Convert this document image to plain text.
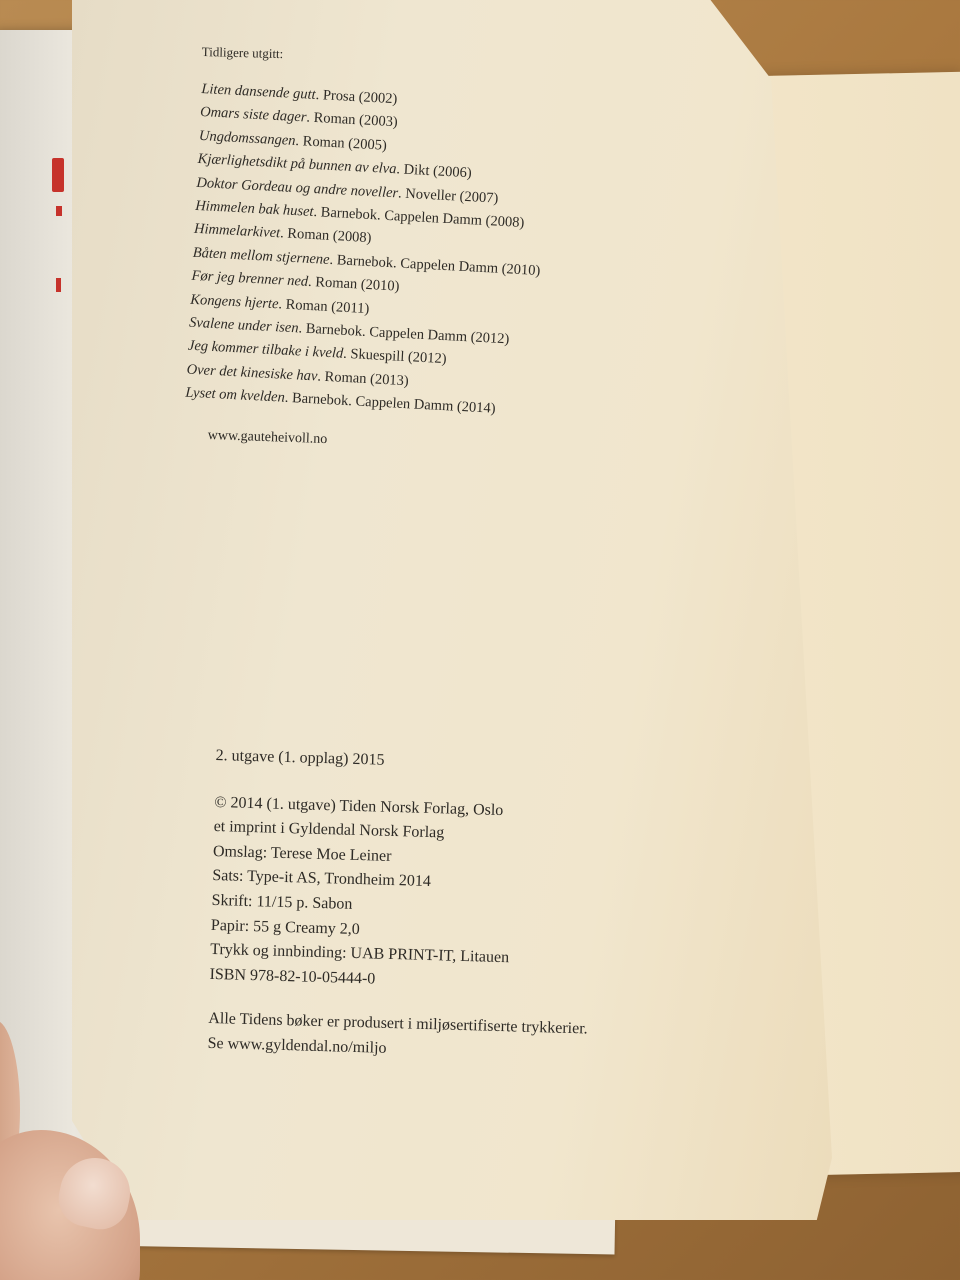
Tidligere utgitt:
Liten dansende gutt. Prosa (2002)
Omars siste dager. Roman (2003)
Ungdomssangen. Roman (2005)
Kjærlighetsdikt på bunnen av elva. Dikt (2006)
Doktor Gordeau og andre noveller. Noveller (2007)
Himmelen bak huset. Barnebok. Cappelen Damm (2008)
Himmelarkivet. Roman (2008)
Båten mellom stjernene. Barnebok. Cappelen Damm (2010)
Før jeg brenner ned. Roman (2010)
Kongens hjerte. Roman (2011)
Svalene under isen. Barnebok. Cappelen Damm (2012)
Jeg kommer tilbake i kveld. Skuespill (2012)
Over det kinesiske hav. Roman (2013)
Lyset om kvelden. Barnebok. Cappelen Damm (2014)
www.gauteheivoll.no
2. utgave (1. opplag) 2015
© 2014 (1. utgave) Tiden Norsk Forlag, Oslo
et imprint i Gyldendal Norsk Forlag
Omslag: Terese Moe Leiner
Sats: Type-it AS, Trondheim 2014
Skrift: 11/15 p. Sabon
Papir: 55 g Creamy 2,0
Trykk og innbinding: UAB PRINT-IT, Litauen
ISBN 978-82-10-05444-0
Alle Tidens bøker er produsert i miljøsertifiserte trykkerier.
Se www.gyldendal.no/miljo
